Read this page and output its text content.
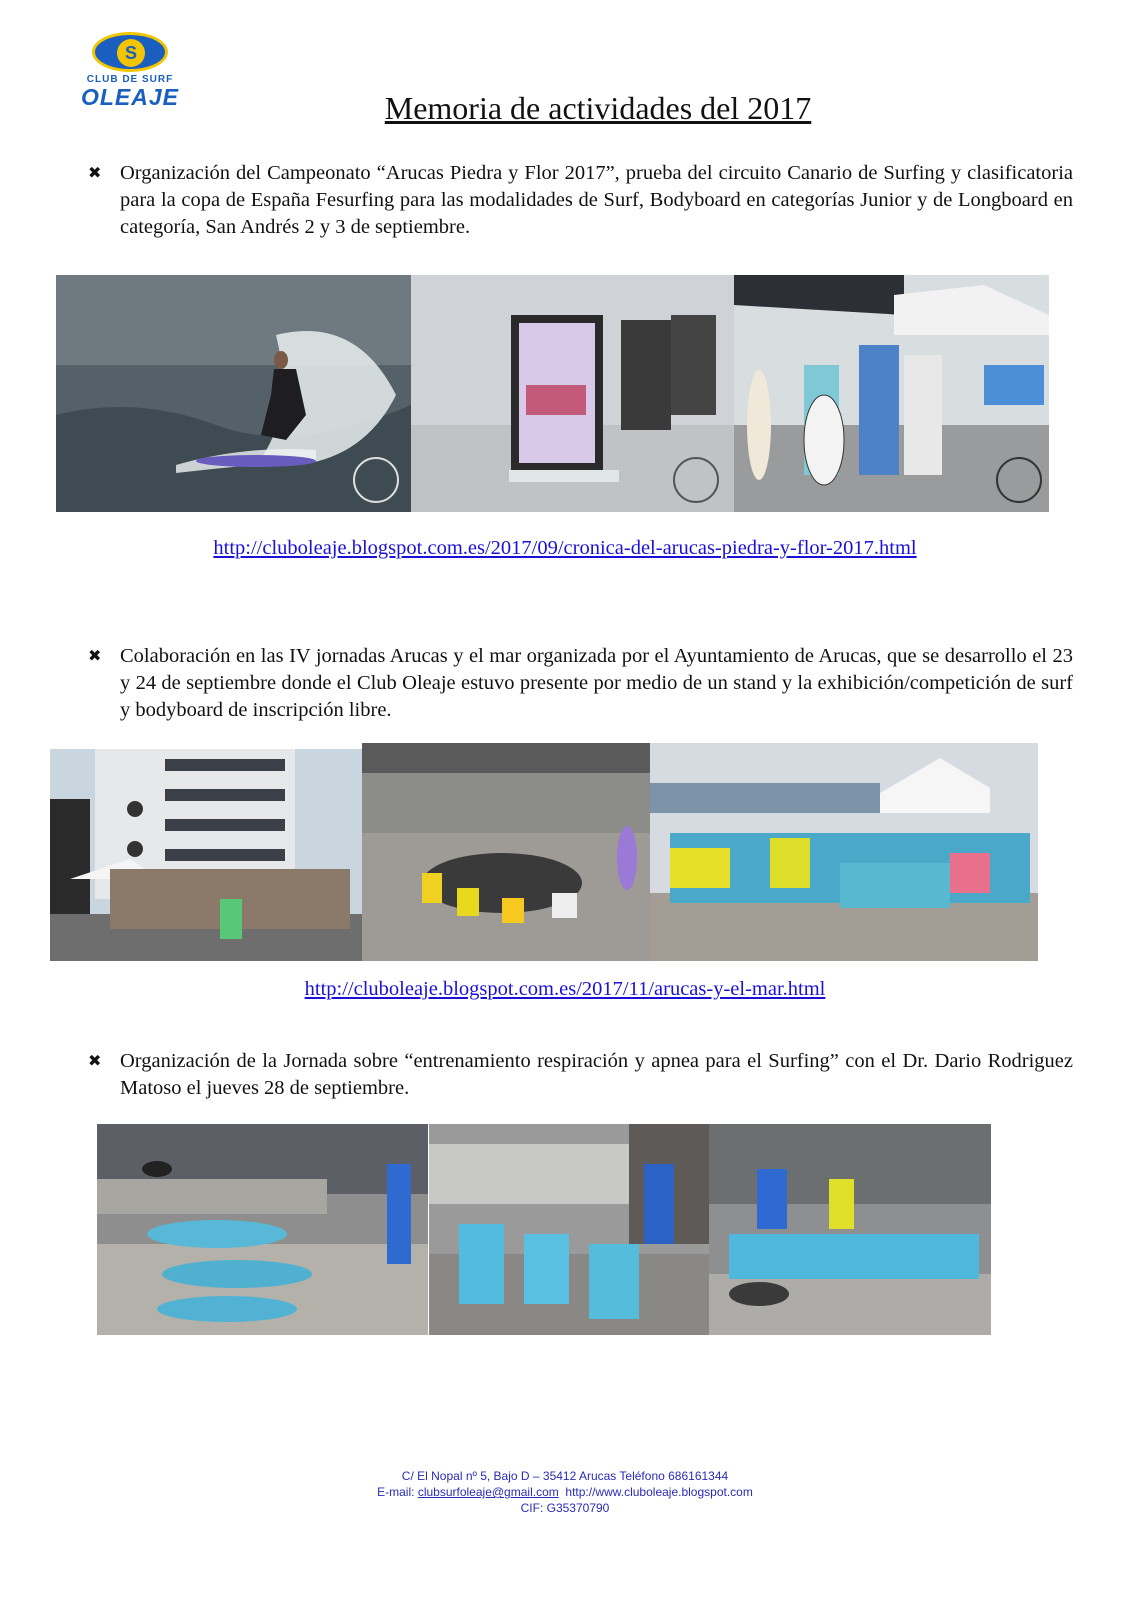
S
CLUB DE SURF
OLEAJE	Memoria de actividades del 2017
✖ Organización del Campeonato “Arucas Piedra y Flor 2017”, prueba del circuito Canario de Surfing y clasificatoria para la copa de España Fesurfing para las modalidades de Surf, Bodyboard en categorías Junior y de Longboard en categoría, San Andrés 2 y 3 de septiembre.
http://cluboleaje.blogspot.com.es/2017/09/cronica-del-arucas-piedra-y-flor-2017.html
✖ Colaboración en las IV jornadas Arucas y el mar organizada por el Ayuntamiento de Arucas, que se desarrollo el 23 y 24 de septiembre donde el Club Oleaje estuvo presente por medio de un stand y la exhibición/competición de surf y bodyboard de inscripción libre.
http://cluboleaje.blogspot.com.es/2017/11/arucas-y-el-mar.html
✖ Organización de la Jornada sobre “entrenamiento respiración y apnea para el Surfing” con el Dr. Dario Rodriguez Matoso el jueves 28 de septiembre.
C/ El Nopal nº 5, Bajo D – 35412 Arucas Teléfono 686161344
E-mail: clubsurfoleaje@gmail.com http://www.cluboleaje.blogspot.com
CIF: G35370790
